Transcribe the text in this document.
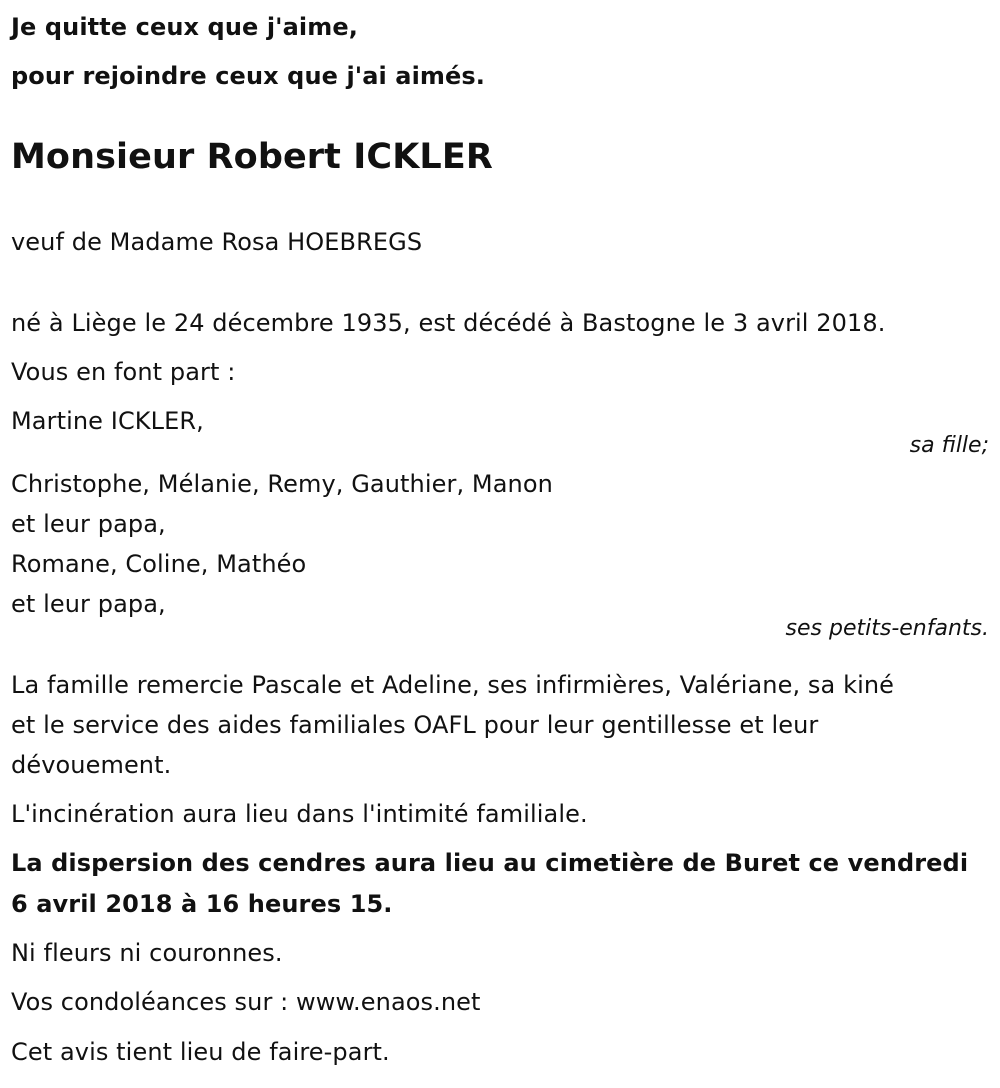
Je quitte ceux que j'aime,

pour rejoindre ceux que j'ai aimés.

Monsieur Robert ICKLER

veuf de Madame Rosa HOEBREGS

né à Liège le 24 décembre 1935, est décédé à Bastogne le 3 avril 2018.

Vous en font part :

Martine ICKLER,

sa fille;

Christophe, Mélanie, Remy, Gauthier, Manon

et leur papa,

Romane, Coline, Mathéo

et leur papa,

ses petits-enfants.

La famille remercie Pascale et Adeline, ses infirmières, Valériane, sa kiné

et le service des aides familiales OAFL pour leur gentillesse et leur

dévouement.

L'incinération aura lieu dans l'intimité familiale.

La dispersion des cendres aura lieu au cimetière de Buret ce vendredi

6 avril 2018 à 16 heures 15.

Ni fleurs ni couronnes.

Vos condoléances sur : www.enaos.net

Cet avis tient lieu de faire-part.
